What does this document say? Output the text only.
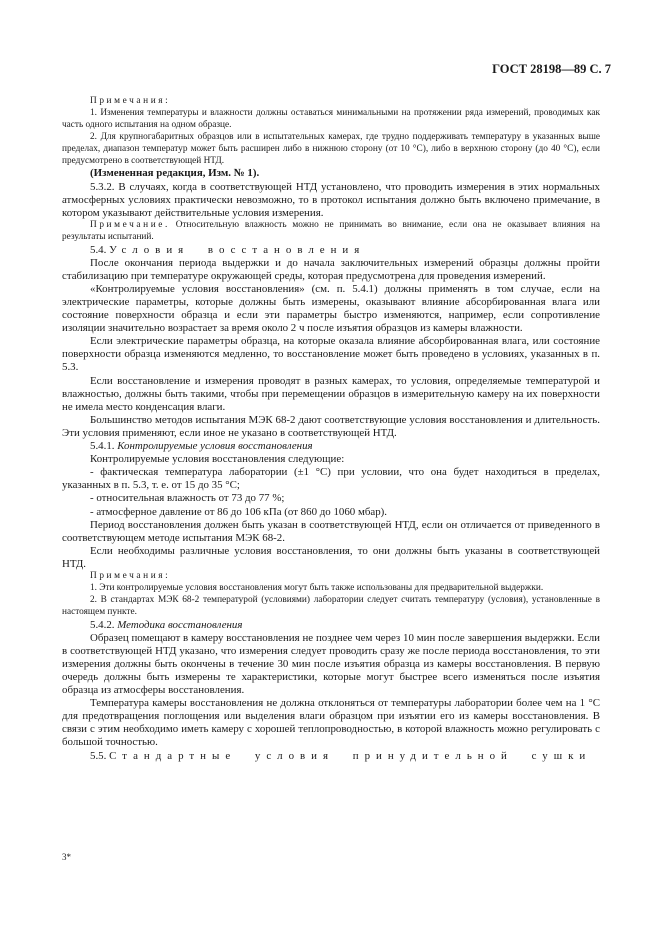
ГОСТ 28198—89 С. 7

Примечания:

1. Изменения температуры и влажности должны оставаться минимальными на протяжении ряда измерений, проводимых как часть одного испытания на одном образце.

2. Для крупногабаритных образцов или в испытательных камерах, где трудно поддерживать температуру в указанных выше пределах, диапазон температур может быть расширен либо в нижнюю сторону (от 10 °С), либо в верхнюю сторону (до 40 °С), если предусмотрено в соответствующей НТД.

(Измененная редакция, Изм. № 1).

5.3.2. В случаях, когда в соответствующей НТД установлено, что проводить измерения в этих нормальных атмосферных условиях практически невозможно, то в протокол испытания должно быть включено примечание, в котором указывают действительные условия измерения.

Примечание. Относительную влажность можно не принимать во внимание, если она не оказывает влияния на результаты испытаний.

5.4. Условия восстановления

После окончания периода выдержки и до начала заключительных измерений образцы должны пройти стабилизацию при температуре окружающей среды, которая предусмотрена для проведения измерений.

«Контролируемые условия восстановления» (см. п. 5.4.1) должны применять в том случае, если на электрические параметры, которые должны быть измерены, оказывают влияние абсорбированная влага или состояние поверхности образца и если эти параметры быстро изменяются, например, если сопротивление изоляции значительно возрастает за время около 2 ч после изъятия образцов из камеры влажности.

Если электрические параметры образца, на которые оказала влияние абсорбированная влага, или состояние поверхности образца изменяются медленно, то восстановление может быть проведено в условиях, указанных в п. 5.3.

Если восстановление и измерения проводят в разных камерах, то условия, определяемые температурой и влажностью, должны быть такими, чтобы при перемещении образцов в измерительную камеру на их поверхности не имела место конденсация влаги.

Большинство методов испытания МЭК 68-2 дают соответствующие условия восстановления и длительность. Эти условия применяют, если иное не указано в соответствующей НТД.

5.4.1. Контролируемые условия восстановления

Контролируемые условия восстановления следующие:

- фактическая температура лаборатории (±1 °С) при условии, что она будет находиться в пределах, указанных в п. 5.3, т. е. от 15 до 35 °С;

- относительная влажность от 73 до 77 %;

- атмосферное давление от 86 до 106 кПа (от 860 до 1060 мбар).

Период восстановления должен быть указан в соответствующей НТД, если он отличается от приведенного в соответствующем методе испытания МЭК 68-2.

Если необходимы различные условия восстановления, то они должны быть указаны в соответствующей НТД.

Примечания:

1. Эти контролируемые условия восстановления могут быть также использованы для предварительной выдержки.

2. В стандартах МЭК 68-2 температурой (условиями) лаборатории следует считать температуру (условия), установленные в настоящем пункте.

5.4.2. Методика восстановления

Образец помещают в камеру восстановления не позднее чем через 10 мин после завершения выдержки. Если в соответствующей НТД указано, что измерения следует проводить сразу же после периода восстановления, то эти измерения должны быть окончены в течение 30 мин после изъятия образца из камеры восстановления. В первую очередь должны быть измерены те характеристики, которые могут быстрее всего изменяться после изъятия образца из атмосферы восстановления.

Температура камеры восстановления не должна отклоняться от температуры лаборатории более чем на 1 °С для предотвращения поглощения или выделения влаги образцом при изъятии его из камеры восстановления. В связи с этим необходимо иметь камеру с хорошей теплопроводностью, в которой влажность можно регулировать с большой точностью.

5.5. Стандартные условия принудительной сушки

3*
